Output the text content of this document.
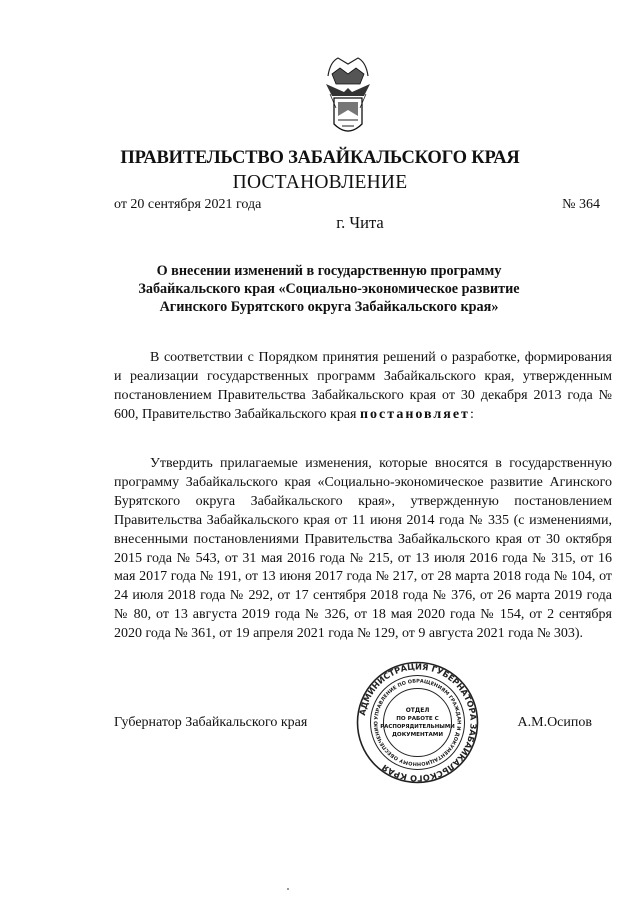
ПРАВИТЕЛЬСТВО ЗАБАЙКАЛЬСКОГО КРАЯ
ПОСТАНОВЛЕНИЕ
от 20 сентября 2021 года	№ 364
г. Чита
О внесении изменений в государственную программу Забайкальского края «Социально-экономическое развитие Агинского Бурятского округа Забайкальского края»
В соответствии с Порядком принятия решений о разработке, формирования и реализации государственных программ Забайкальского края, утвержденным постановлением Правительства Забайкальского края от 30 декабря 2013 года № 600, Правительство Забайкальского края постановляет:
Утвердить прилагаемые изменения, которые вносятся в государственную программу Забайкальского края «Социально-экономическое развитие Агинского Бурятского округа Забайкальского края», утвержденную постановлением Правительства Забайкальского края от 11 июня 2014 года № 335 (с изменениями, внесенными постановлениями Правительства Забайкальского края от 30 октября 2015 года № 543, от 31 мая 2016 года № 215, от 13 июля 2016 года № 315, от 16 мая 2017 года № 191, от 13 июня 2017 года № 217, от 28 марта 2018 года № 104, от 24 июля 2018 года № 292, от 17 сентября 2018 года № 376, от 26 марта 2019 года № 80, от 13 августа 2019 года № 326, от 18 мая 2020 года № 154, от 2 сентября 2020 года № 361, от 19 апреля 2021 года № 129, от 9 августа 2021 года № 303).
Губернатор Забайкальского края	А.М.Осипов
АДМИНИСТРАЦИЯ ГУБЕРНАТОРА ЗАБАЙКАЛЬСКОГО КРАЯ
УПРАВЛЕНИЕ ПО ОБРАЩЕНИЯМ ГРАЖДАН И ДОКУМЕНТАЦИОННОМУ ОБЕСПЕЧЕНИЮ
ОТДЕЛ
ПО РАБОТЕ С
РАСПОРЯДИТЕЛЬНЫМИ
ДОКУМЕНТАМИ
